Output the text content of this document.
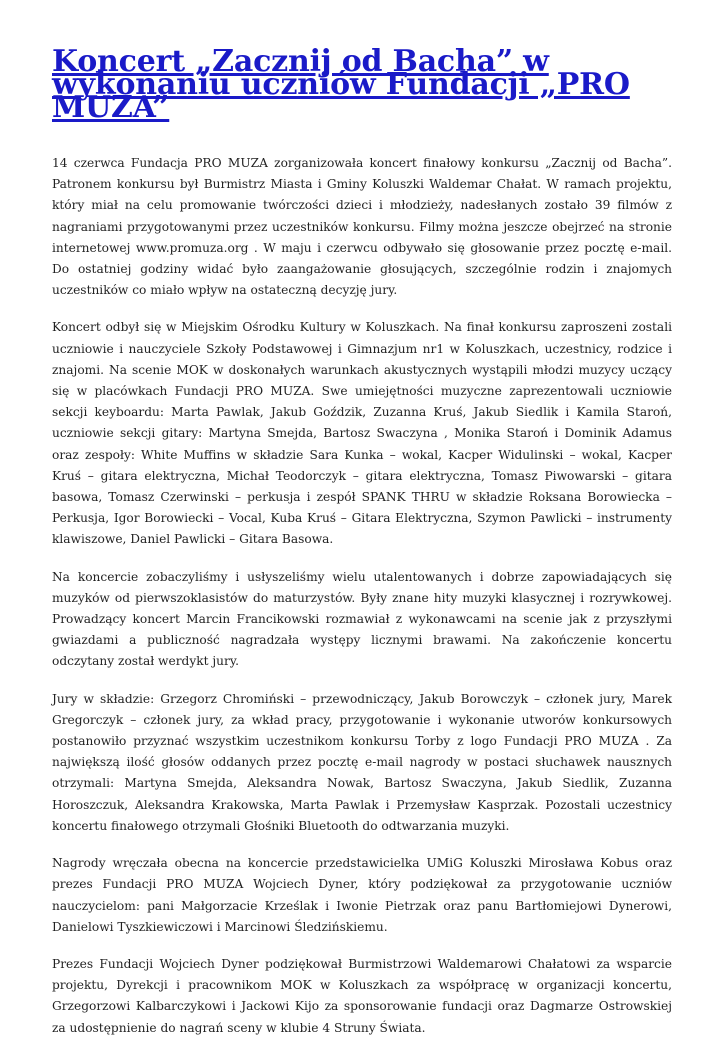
Koncert „Zacznij od Bacha” w wykonaniu uczniów Fundacji „PRO MUZA”

14 czerwca Fundacja PRO MUZA zorganizowała koncert finałowy konkursu „Zacznij od Bacha”. Patronem konkursu był Burmistrz Miasta i Gminy Koluszki Waldemar Chałat. W ramach projektu, który miał na celu promowanie twórczości dzieci i młodzieży, nadesłanych zostało 39 filmów z nagraniami przygotowanymi przez uczestników konkursu. Filmy można jeszcze obejrzeć na stronie internetowej www.promuza.org . W maju i czerwcu odbywało się głosowanie przez pocztę e-mail. Do ostatniej godziny widać było zaangażowanie głosujących, szczególnie rodzin i znajomych uczestników co miało wpływ na ostateczną decyzję jury.

Koncert odbył się w Miejskim Ośrodku Kultury w Koluszkach. Na finał konkursu zaproszeni zostali uczniowie i nauczyciele Szkoły Podstawowej i Gimnazjum nr1 w Koluszkach, uczestnicy, rodzice i znajomi. Na scenie MOK w doskonałych warunkach akustycznych wystąpili młodzi muzycy uczący się w placówkach Fundacji PRO MUZA. Swe umiejętności muzyczne zaprezentowali uczniowie sekcji keyboardu: Marta Pawlak, Jakub Goździk, Zuzanna Kruś, Jakub Siedlik i Kamila Staroń, uczniowie sekcji gitary: Martyna Smejda, Bartosz Swaczyna , Monika Staroń i Dominik Adamus oraz zespoły: White Muffins w składzie Sara Kunka – wokal, Kacper Widulinski – wokal, Kacper Kruś – gitara elektryczna, Michał Teodorczyk – gitara elektryczna, Tomasz Piwowarski – gitara basowa, Tomasz Czerwinski – perkusja i zespół SPANK THRU w składzie Roksana Borowiecka – Perkusja, Igor Borowiecki – Vocal, Kuba Kruś – Gitara Elektryczna, Szymon Pawlicki – instrumenty klawiszowe, Daniel Pawlicki – Gitara Basowa.

Na koncercie zobaczyliśmy i usłyszeliśmy wielu utalentowanych i dobrze zapowiadających się muzyków od pierwszoklasistów do maturzystów. Były znane hity muzyki klasycznej i rozrywkowej. Prowadzący koncert Marcin Francikowski rozmawiał z wykonawcami na scenie jak z przyszłymi gwiazdami a publiczność nagradzała występy licznymi brawami. Na zakończenie koncertu odczytany został werdykt jury.

Jury w składzie: Grzegorz Chromiński – przewodniczący, Jakub Borowczyk – członek jury, Marek Gregorczyk – członek jury, za wkład pracy, przygotowanie i wykonanie utworów konkursowych postanowiło przyznać wszystkim uczestnikom konkursu Torby z logo Fundacji PRO MUZA . Za największą ilość głosów oddanych przez pocztę e-mail nagrody w postaci słuchawek nausznych otrzymali: Martyna Smejda, Aleksandra Nowak, Bartosz Swaczyna, Jakub Siedlik, Zuzanna Horoszczuk, Aleksandra Krakowska, Marta Pawlak i Przemysław Kasprzak. Pozostali uczestnicy koncertu finałowego otrzymali Głośniki Bluetooth do odtwarzania muzyki.

Nagrody wręczała obecna na koncercie przedstawicielka UMiG Koluszki Mirosława Kobus oraz prezes Fundacji PRO MUZA Wojciech Dyner, który podziękował za przygotowanie uczniów nauczycielom: pani Małgorzacie Krześlak i Iwonie Pietrzak oraz panu Bartłomiejowi Dynerowi, Danielowi Tyszkiewiczowi i Marcinowi Śledzińskiemu.

Prezes Fundacji Wojciech Dyner podziękował Burmistrzowi Waldemarowi Chałatowi za wsparcie projektu, Dyrekcji i pracownikom MOK w Koluszkach za współpracę w organizacji koncertu, Grzegorzowi Kalbarczykowi i Jackowi Kijo za sponsorowanie fundacji oraz Dagmarze Ostrowskiej za udostępnienie do nagrań sceny w klubie 4 Struny Świata.
